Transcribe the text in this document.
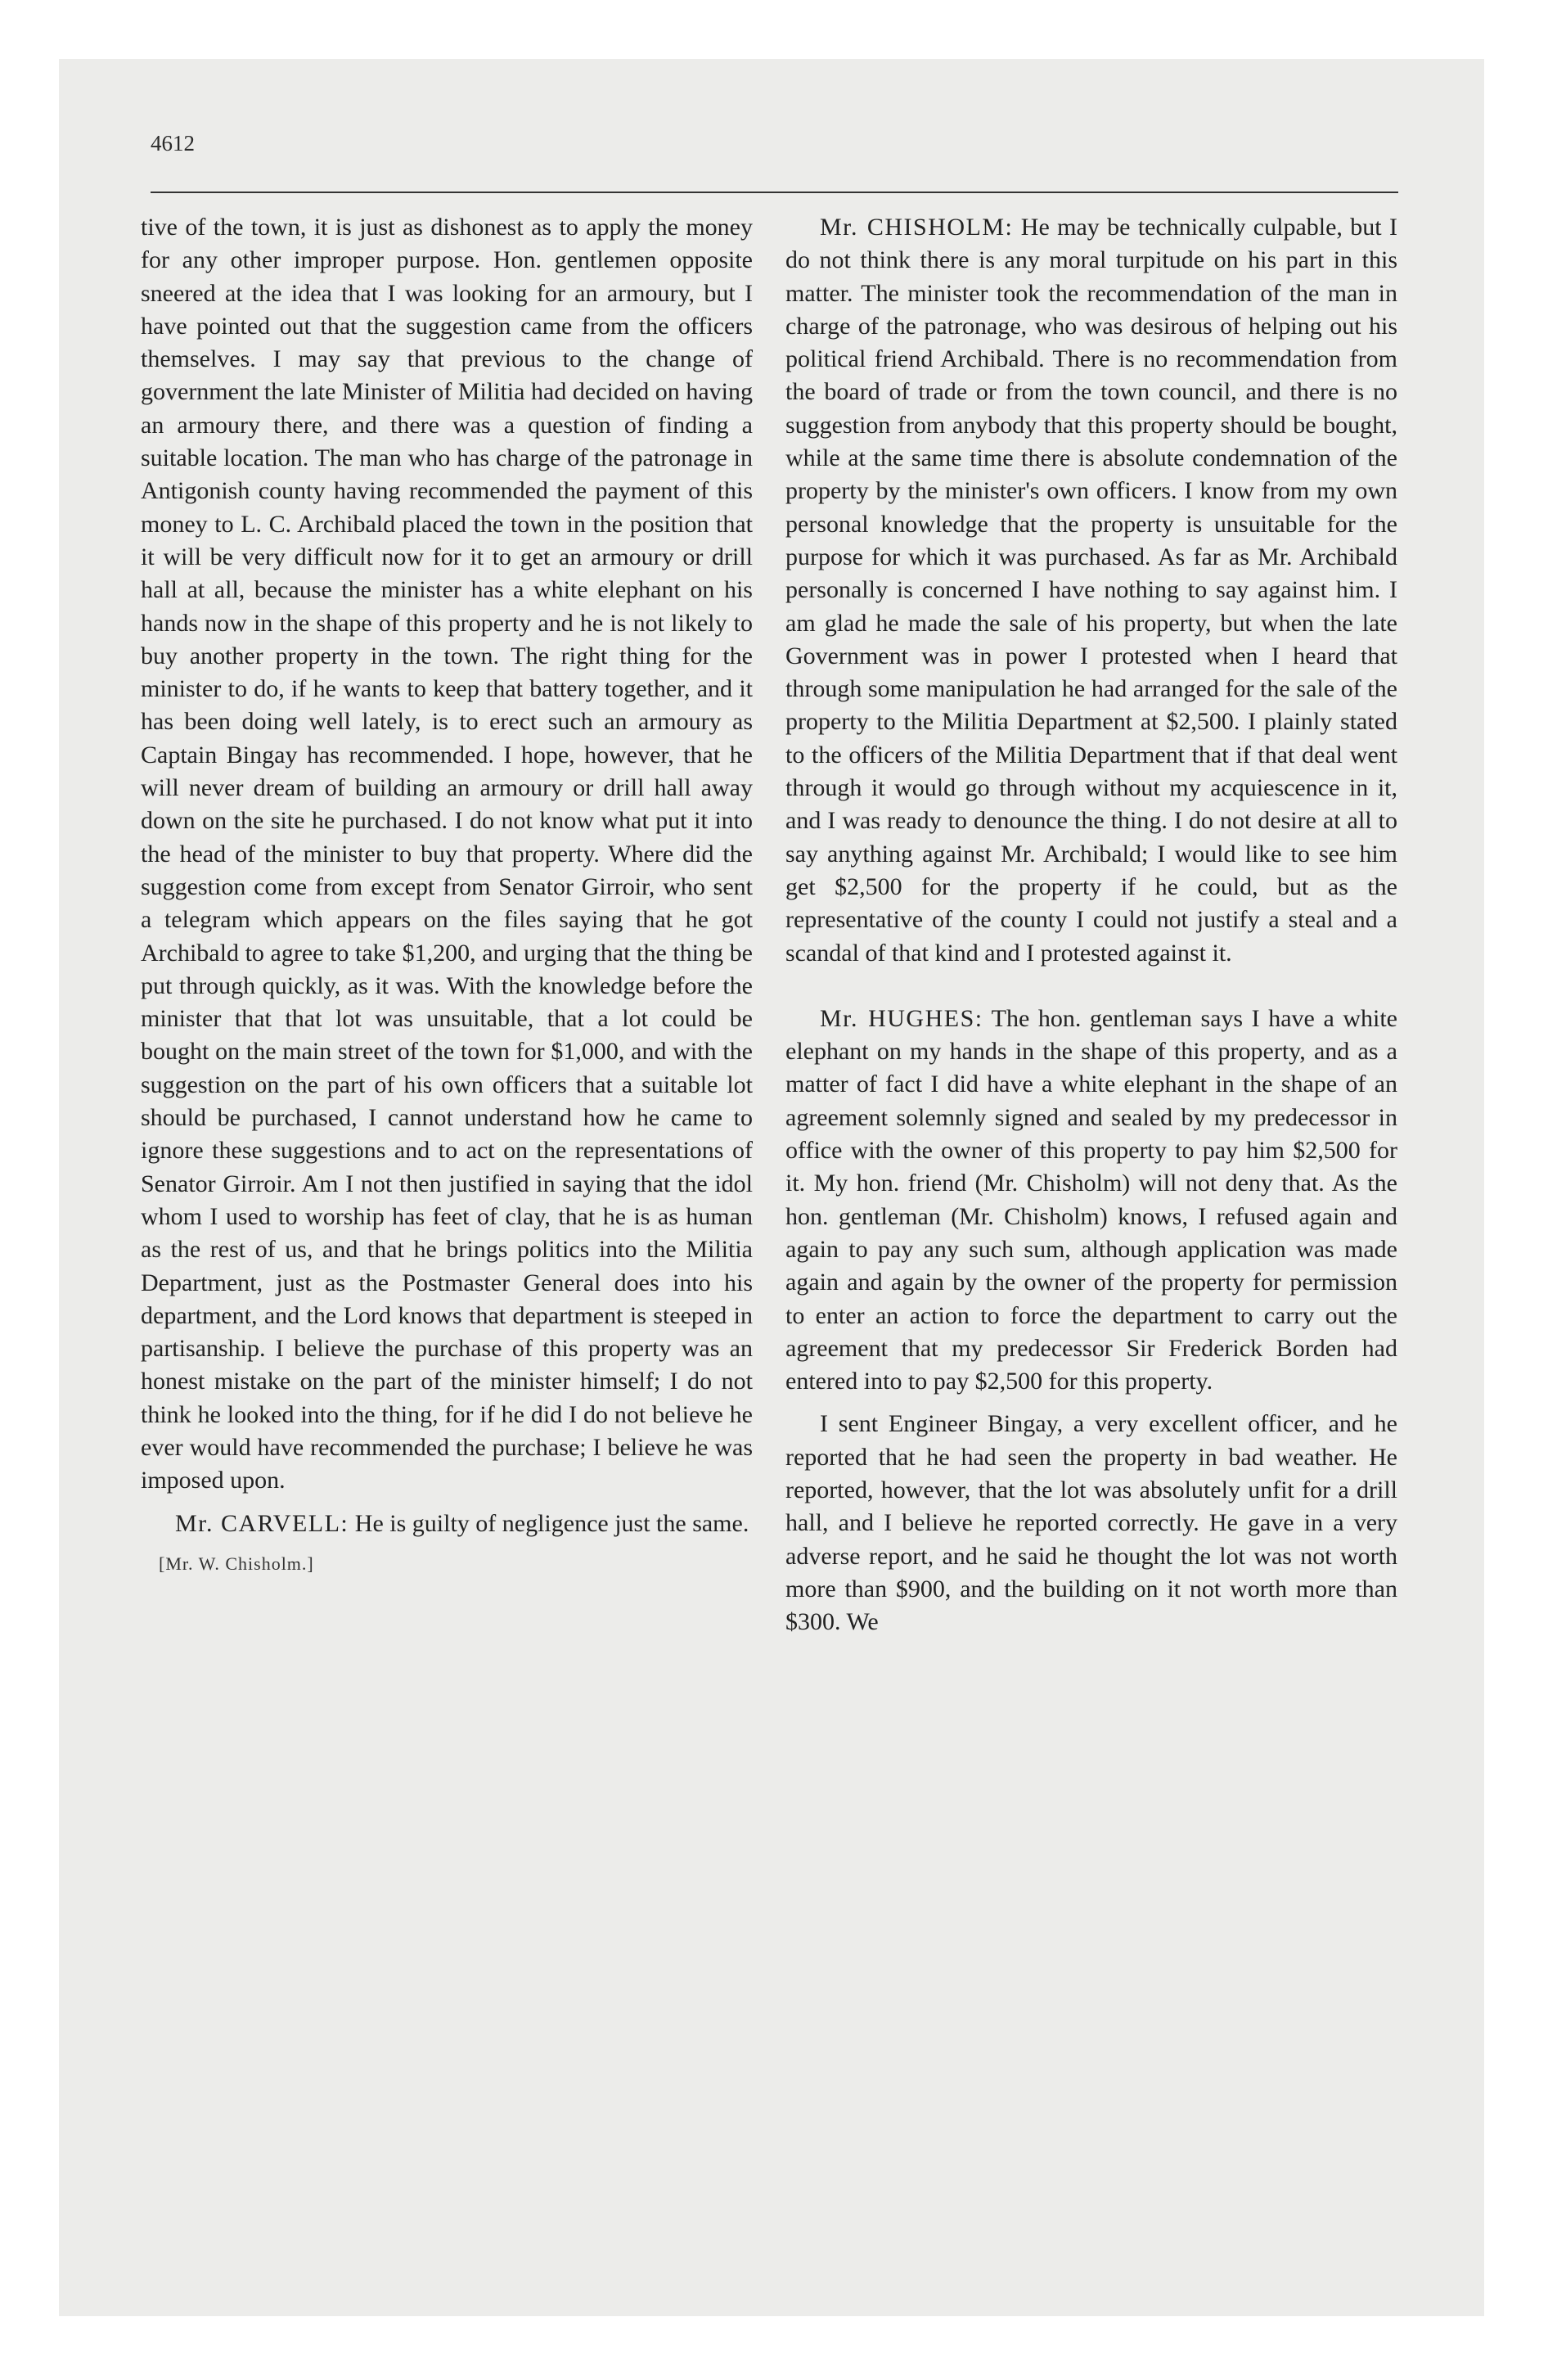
4612

tive of the town, it is just as dishonest as to apply the money for any other improper purpose. Hon. gentlemen opposite sneered at the idea that I was looking for an armoury, but I have pointed out that the suggestion came from the officers themselves. I may say that previous to the change of government the late Minister of Militia had decided on having an armoury there, and there was a question of finding a suitable location. The man who has charge of the patronage in Antigonish county having recommended the payment of this money to L. C. Archibald placed the town in the position that it will be very difficult now for it to get an armoury or drill hall at all, because the minister has a white elephant on his hands now in the shape of this property and he is not likely to buy another property in the town. The right thing for the minister to do, if he wants to keep that battery together, and it has been doing well lately, is to erect such an armoury as Captain Bingay has recommended. I hope, however, that he will never dream of building an armoury or drill hall away down on the site he purchased. I do not know what put it into the head of the minister to buy that property. Where did the suggestion come from except from Senator Girroir, who sent a telegram which appears on the files saying that he got Archibald to agree to take $1,200, and urging that the thing be put through quickly, as it was. With the knowledge before the minister that that lot was unsuitable, that a lot could be bought on the main street of the town for $1,000, and with the suggestion on the part of his own officers that a suitable lot should be purchased, I cannot understand how he came to ignore these suggestions and to act on the representations of Senator Girroir. Am I not then justified in saying that the idol whom I used to worship has feet of clay, that he is as human as the rest of us, and that he brings politics into the Militia Department, just as the Postmaster General does into his department, and the Lord knows that department is steeped in partisanship. I believe the purchase of this property was an honest mistake on the part of the minister himself; I do not think he looked into the thing, for if he did I do not believe he ever would have recommended the purchase; I believe he was imposed upon.

Mr. CARVELL: He is guilty of negligence just the same.

[Mr. W. Chisholm.]

Mr. CHISHOLM: He may be technically culpable, but I do not think there is any moral turpitude on his part in this matter. The minister took the recommendation of the man in charge of the patronage, who was desirous of helping out his political friend Archibald. There is no recommendation from the board of trade or from the town council, and there is no suggestion from anybody that this property should be bought, while at the same time there is absolute condemnation of the property by the minister's own officers. I know from my own personal knowledge that the property is unsuitable for the purpose for which it was purchased. As far as Mr. Archibald personally is concerned I have nothing to say against him. I am glad he made the sale of his property, but when the late Government was in power I protested when I heard that through some manipulation he had arranged for the sale of the property to the Militia Department at $2,500. I plainly stated to the officers of the Militia Department that if that deal went through it would go through without my acquiescence in it, and I was ready to denounce the thing. I do not desire at all to say anything against Mr. Archibald; I would like to see him get $2,500 for the property if he could, but as the representative of the county I could not justify a steal and a scandal of that kind and I protested against it.

Mr. HUGHES: The hon. gentleman says I have a white elephant on my hands in the shape of this property, and as a matter of fact I did have a white elephant in the shape of an agreement solemnly signed and sealed by my predecessor in office with the owner of this property to pay him $2,500 for it. My hon. friend (Mr. Chisholm) will not deny that. As the hon. gentleman (Mr. Chisholm) knows, I refused again and again to pay any such sum, although application was made again and again by the owner of the property for permission to enter an action to force the department to carry out the agreement that my predecessor Sir Frederick Borden had entered into to pay $2,500 for this property.

I sent Engineer Bingay, a very excellent officer, and he reported that he had seen the property in bad weather. He reported, however, that the lot was absolutely unfit for a drill hall, and I believe he reported correctly. He gave in a very adverse report, and he said he thought the lot was not worth more than $900, and the building on it not worth more than $300. We
